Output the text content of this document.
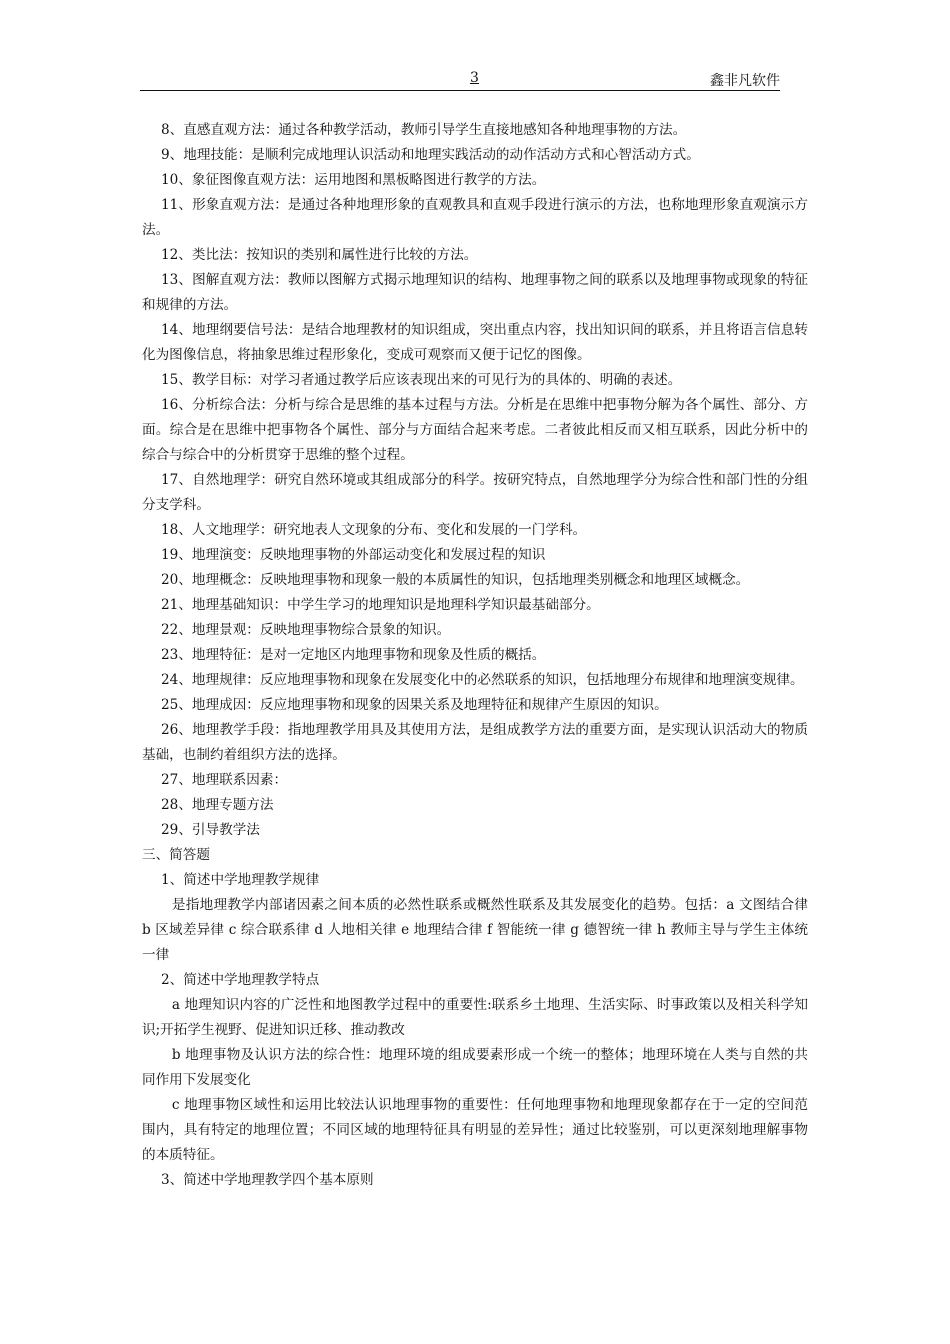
3	鑫非凡软件

8、直感直观方法：通过各种教学活动，教师引导学生直接地感知各种地理事物的方法。

9、地理技能：是顺利完成地理认识活动和地理实践活动的动作活动方式和心智活动方式。

10、象征图像直观方法：运用地图和黑板略图进行教学的方法。

11、形象直观方法：是通过各种地理形象的直观教具和直观手段进行演示的方法，也称地理形象直观演示方法。

12、类比法：按知识的类别和属性进行比较的方法。

13、图解直观方法：教师以图解方式揭示地理知识的结构、地理事物之间的联系以及地理事物或现象的特征和规律的方法。

14、地理纲要信号法：是结合地理教材的知识组成，突出重点内容，找出知识间的联系，并且将语言信息转化为图像信息，将抽象思维过程形象化，变成可观察而又便于记忆的图像。

15、教学目标：对学习者通过教学后应该表现出来的可见行为的具体的、明确的表述。

16、分析综合法：分析与综合是思维的基本过程与方法。分析是在思维中把事物分解为各个属性、部分、方面。综合是在思维中把事物各个属性、部分与方面结合起来考虑。二者彼此相反而又相互联系，因此分析中的综合与综合中的分析贯穿于思维的整个过程。

17、自然地理学：研究自然环境或其组成部分的科学。按研究特点，自然地理学分为综合性和部门性的分组分支学科。

18、人文地理学：研究地表人文现象的分布、变化和发展的一门学科。

19、地理演变：反映地理事物的外部运动变化和发展过程的知识

20、地理概念：反映地理事物和现象一般的本质属性的知识，包括地理类别概念和地理区域概念。

21、地理基础知识：中学生学习的地理知识是地理科学知识最基础部分。

22、地理景观：反映地理事物综合景象的知识。

23、地理特征：是对一定地区内地理事物和现象及性质的概括。

24、地理规律：反应地理事物和现象在发展变化中的必然联系的知识，包括地理分布规律和地理演变规律。

25、地理成因：反应地理事物和现象的因果关系及地理特征和规律产生原因的知识。

26、地理教学手段：指地理教学用具及其使用方法，是组成教学方法的重要方面，是实现认识活动大的物质基础，也制约着组织方法的选择。

27、地理联系因素：

28、地理专题方法

29、引导教学法

三、简答题

1、简述中学地理教学规律

是指地理教学内部诸因素之间本质的必然性联系或概然性联系及其发展变化的趋势。包括：a 文图结合律 b 区域差异律 c 综合联系律 d 人地相关律 e 地理结合律 f 智能统一律 g 德智统一律 h 教师主导与学生主体统一律

2、简述中学地理教学特点

a 地理知识内容的广泛性和地图教学过程中的重要性:联系乡土地理、生活实际、时事政策以及相关科学知识;开拓学生视野、促进知识迁移、推动教改

b 地理事物及认识方法的综合性：地理环境的组成要素形成一个统一的整体；地理环境在人类与自然的共同作用下发展变化

c 地理事物区域性和运用比较法认识地理事物的重要性：任何地理事物和地理现象都存在于一定的空间范围内，具有特定的地理位置；不同区域的地理特征具有明显的差异性；通过比较鉴别，可以更深刻地理解事物的本质特征。

3、简述中学地理教学四个基本原则
